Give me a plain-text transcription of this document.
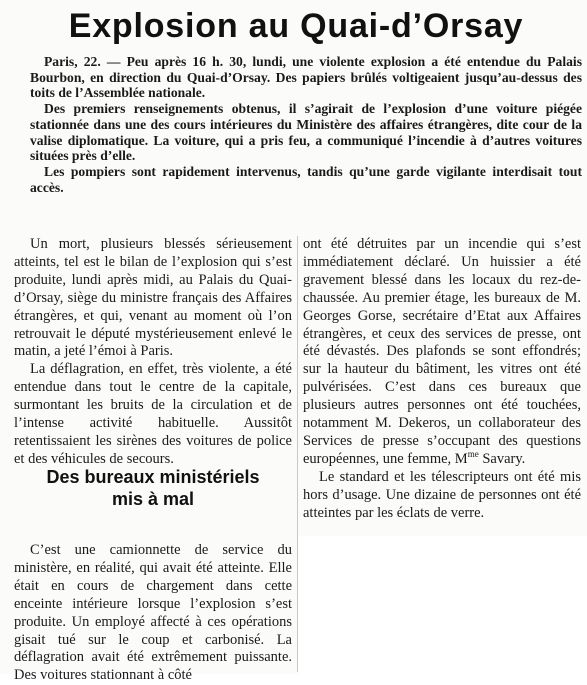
Explosion au Quai-d’Orsay

Paris, 22. — Peu après 16 h. 30, lundi, une violente explosion a été entendue du Palais Bourbon, en direction du Quai-d’Orsay. Des papiers brûlés voltigeaient jusqu’au-dessus des toits de l’Assemblée nationale.

Des premiers renseignements obtenus, il s’agirait de l’explosion d’une voiture piégée stationnée dans une des cours intérieures du Ministère des affaires étrangères, dite cour de la valise diplomatique. La voiture, qui a pris feu, a communiqué l’incendie à d’autres voitures situées près d’elle.

Les pompiers sont rapidement intervenus, tandis qu’une garde vigilante interdisait tout accès.

Un mort, plusieurs blessés sérieusement atteints, tel est le bilan de l’explosion qui s’est produite, lundi après midi, au Palais du Quai-d’Orsay, siège du ministre français des Affaires étrangères, et qui, venant au moment où l’on retrouvait le député mystérieusement enlevé le matin, a jeté l’émoi à Paris.

La déflagration, en effet, très violente, a été entendue dans tout le centre de la capitale, surmontant les bruits de la circulation et de l’intense activité habituelle. Aussitôt retentissaient les sirènes des voitures de police et des véhicules de secours.

Des bureaux ministériels
mis à mal

C’est une camionnette de service du ministère, en réalité, qui avait été atteinte. Elle était en cours de chargement dans cette enceinte intérieure lorsque l’explosion s’est produite. Un employé affecté à ces opérations gisait tué sur le coup et carbonisé. La déflagration avait été extrêmement puissante. Des voitures stationnant à côté

ont été détruites par un incendie qui s’est immédiatement déclaré. Un huissier a été gravement blessé dans les locaux du rez-de-chaussée. Au premier étage, les bureaux de M. Georges Gorse, secrétaire d’Etat aux Affaires étrangères, et ceux des services de presse, ont été dévastés. Des plafonds se sont effondrés; sur la hauteur du bâtiment, les vitres ont été pulvérisées. C’est dans ces bureaux que plusieurs autres personnes ont été touchées, notamment M. Dekeros, un collaborateur des Services de presse s’occupant des questions européennes, une femme, $M^{me}$ Savary.

Le standard et les télescripteurs ont été mis hors d’usage. Une dizaine de personnes ont été atteintes par les éclats de verre.
